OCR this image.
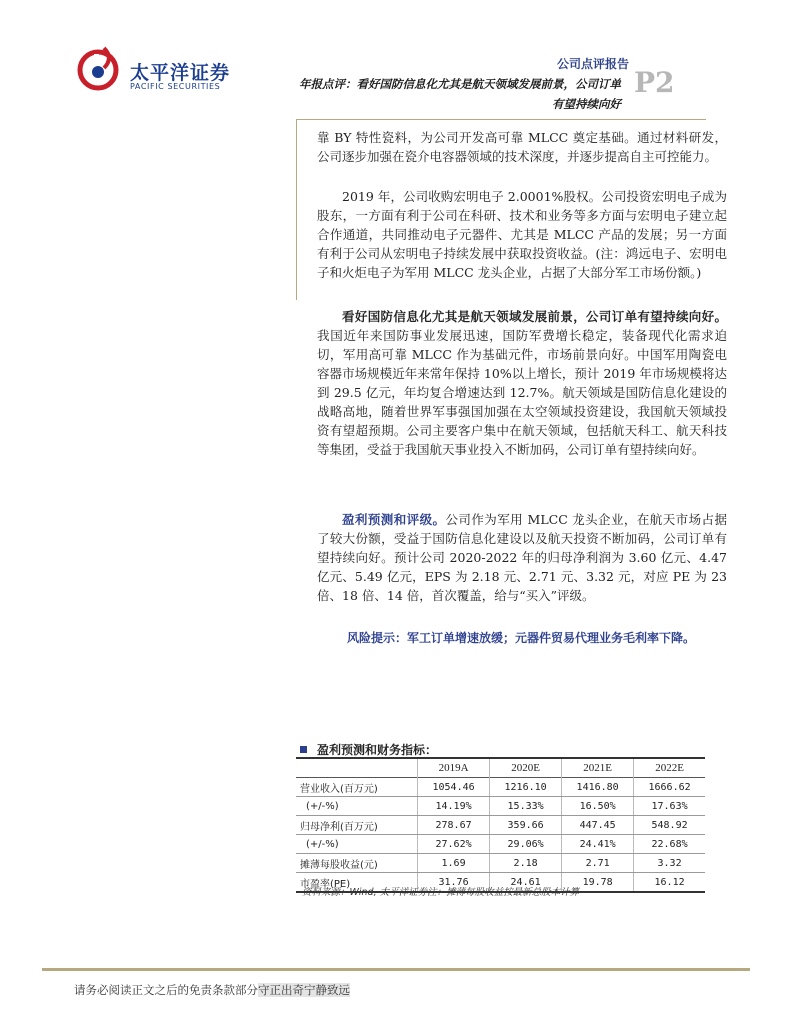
太平洋证券
PACIFIC SECURITIES
公司点评报告
年报点评：看好国防信息化尤其是航天领域发展前景，公司订单
有望持续向好
P2

靠 BY 特性瓷料，为公司开发高可靠 MLCC 奠定基础。通过材料研发，公司逐步加强在瓷介电容器领域的技术深度，并逐步提高自主可控能力。

2019 年，公司收购宏明电子 2.0001%股权。公司投资宏明电子成为股东，一方面有利于公司在科研、技术和业务等多方面与宏明电子建立起合作通道，共同推动电子元器件、尤其是 MLCC 产品的发展；另一方面有利于公司从宏明电子持续发展中获取投资收益。(注：鸿远电子、宏明电子和火炬电子为军用 MLCC 龙头企业，占据了大部分军工市场份额。)

看好国防信息化尤其是航天领域发展前景，公司订单有望持续向好。我国近年来国防事业发展迅速，国防军费增长稳定，装备现代化需求迫切，军用高可靠 MLCC 作为基础元件，市场前景向好。中国军用陶瓷电容器市场规模近年来常年保持 10%以上增长，预计 2019 年市场规模将达到 29.5 亿元，年均复合增速达到 12.7%。航天领域是国防信息化建设的战略高地，随着世界军事强国加强在太空领域投资建设，我国航天领域投资有望超预期。公司主要客户集中在航天领域，包括航天科工、航天科技等集团，受益于我国航天事业投入不断加码，公司订单有望持续向好。

盈利预测和评级。公司作为军用 MLCC 龙头企业，在航天市场占据了较大份额，受益于国防信息化建设以及航天投资不断加码，公司订单有望持续向好。预计公司 2020-2022 年的归母净利润为 3.60 亿元、4.47 亿元、5.49 亿元，EPS 为 2.18 元、2.71 元、3.32 元，对应 PE 为 23 倍、18 倍、14 倍，首次覆盖，给与“买入”评级。

风险提示：军工订单增速放缓；元器件贸易代理业务毛利率下降。
盈利预测和财务指标：
	2019A	2020E	2021E	2022E
营业收入(百万元)	1054.46	1216.10	1416.80	1666.62
(+/-%)	14.19%	15.33%	16.50%	17.63%
归母净利(百万元)	278.67	359.66	447.45	548.92
(+/-%)	27.62%	29.06%	24.41%	22.68%
摊薄每股收益(元)	1.69	2.18	2.71	3.32
市盈率(PE)	31.76	24.61	19.78	16.12
资料来源：Wind, 太平洋证券注：摊薄每股收益按最新总股本计算
请务必阅读正文之后的免责条款部分守正出奇宁静致远
